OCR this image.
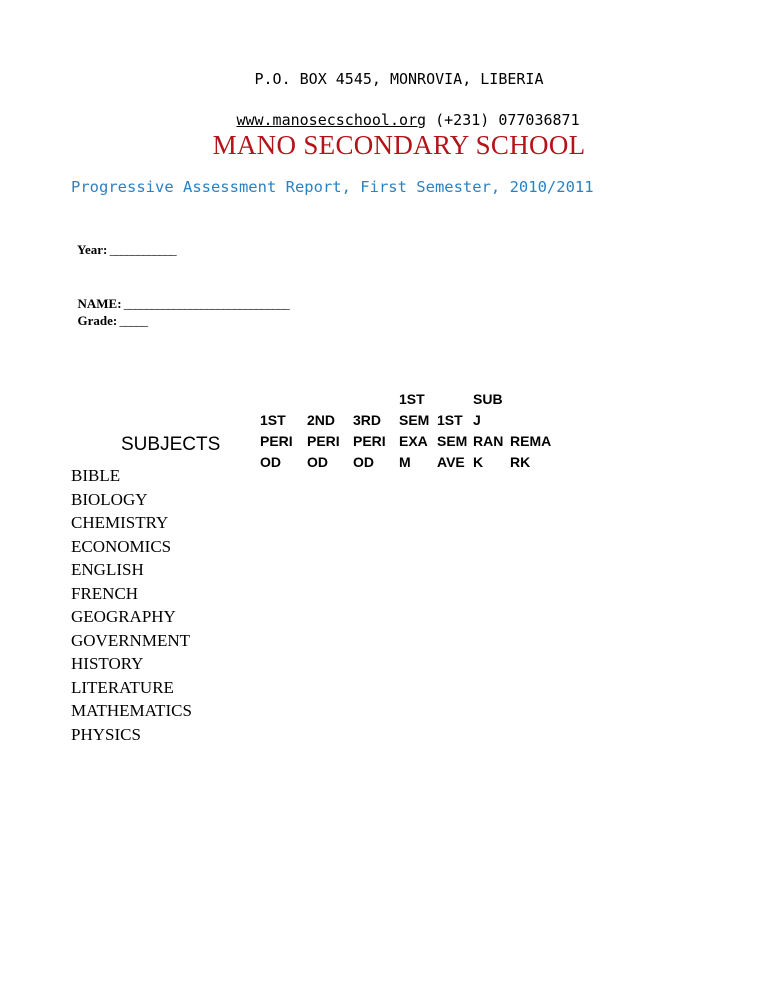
P.O. BOX 4545, MONROVIA, LIBERIA

www.manosecschool.org (+231) 077036871

MANO SECONDARY SCHOOL
Progressive Assessment Report, First Semester, 2010/2011

Year: ____________

NAME: ______________________________

Grade: _____

SUBJECTS

1ST
PERI
OD

2ND
PERI
OD

3RD
PERI
OD
1ST
SEM
EXA
M

1ST
SEM
AVE
SUB
J
RAN
K

REMA
RK
BIBLE
BIOLOGY
CHEMISTRY
ECONOMICS
ENGLISH
FRENCH
GEOGRAPHY
GOVERNMENT
HISTORY
LITERATURE
MATHEMATICS
PHYSICS
